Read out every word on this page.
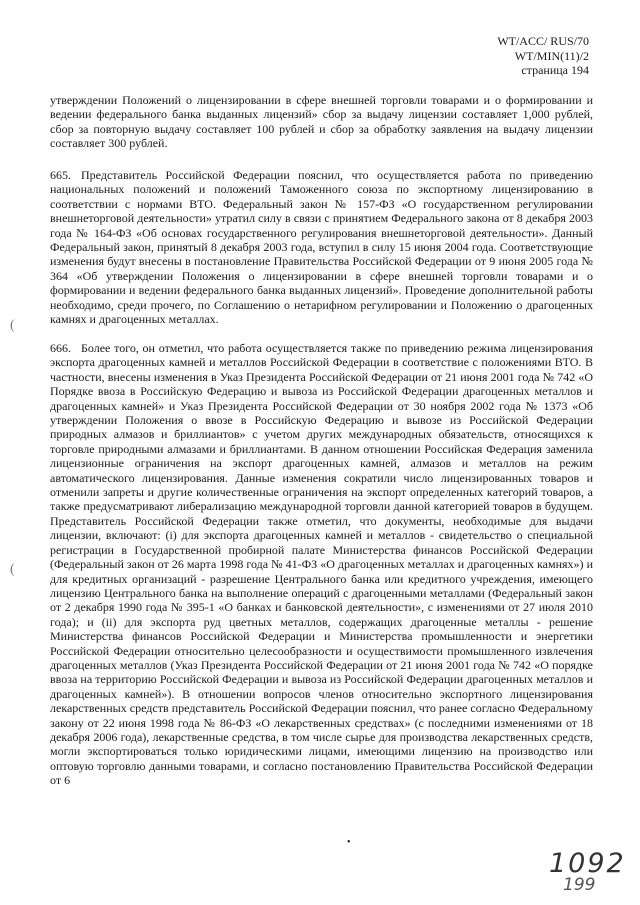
WT/ACC/ RUS/70
WT/MIN(11)/2
страница 194

утверждении Положений о лицензировании в сфере внешней торговли товарами и о формировании и ведении федерального банка выданных лицензий» сбор за выдачу лицензии составляет 1,000 рублей, сбор за повторную выдачу составляет 100 рублей и сбор за обработку заявления на выдачу лицензии составляет 300 рублей.

665. Представитель Российской Федерации пояснил, что осуществляется работа по приведению национальных положений и положений Таможенного союза по экспортному лицензированию в соответствии с нормами ВТО. Федеральный закон № 157-ФЗ «О государственном регулировании внешнеторговой деятельности» утратил силу в связи с принятием Федерального закона от 8 декабря 2003 года № 164-ФЗ «Об основах государственного регулирования внешнеторговой деятельности». Данный Федеральный закон, принятый 8 декабря 2003 года, вступил в силу 15 июня 2004 года. Соответствующие изменения будут внесены в постановление Правительства Российской Федерации от 9 июня 2005 года № 364 «Об утверждении Положения о лицензировании в сфере внешней торговли товарами и о формировании и ведении федерального банка выданных лицензий». Проведение дополнительной работы необходимо, среди прочего, по Соглашению о нетарифном регулировании и Положению о драгоценных камнях и драгоценных металлах.

666. Более того, он отметил, что работа осуществляется также по приведению режима лицензирования экспорта драгоценных камней и металлов Российской Федерации в соответствие с положениями ВТО. В частности, внесены изменения в Указ Президента Российской Федерации от 21 июня 2001 года № 742 «О Порядке ввоза в Российскую Федерацию и вывоза из Российской Федерации драгоценных металлов и драгоценных камней» и Указ Президента Российской Федерации от 30 ноября 2002 года № 1373 «Об утверждении Положения о ввозе в Российскую Федерацию и вывозе из Российской Федерации природных алмазов и бриллиантов» с учетом других международных обязательств, относящихся к торговле природными алмазами и бриллиантами. В данном отношении Российская Федерация заменила лицензионные ограничения на экспорт драгоценных камней, алмазов и металлов на режим автоматического лицензирования. Данные изменения сократили число лицензированных товаров и отменили запреты и другие количественные ограничения на экспорт определенных категорий товаров, а также предусматривают либерализацию международной торговли данной категорией товаров в будущем. Представитель Российской Федерации также отметил, что документы, необходимые для выдачи лицензии, включают: (i) для экспорта драгоценных камней и металлов - свидетельство о специальной регистрации в Государственной пробирной палате Министерства финансов Российской Федерации (Федеральный закон от 26 марта 1998 года № 41-ФЗ «О драгоценных металлах и драгоценных камнях») и для кредитных организаций - разрешение Центрального банка или кредитного учреждения, имеющего лицензию Центрального банка на выполнение операций с драгоценными металлами (Федеральный закон от 2 декабря 1990 года № 395-1 «О банках и банковской деятельности», с изменениями от 27 июля 2010 года); и (ii) для экспорта руд цветных металлов, содержащих драгоценные металлы - решение Министерства финансов Российской Федерации и Министерства промышленности и энергетики Российской Федерации относительно целесообразности и осуществимости промышленного извлечения драгоценных металлов (Указ Президента Российской Федерации от 21 июня 2001 года № 742 «О порядке ввоза на территорию Российской Федерации и вывоза из Российской Федерации драгоценных металлов и драгоценных камней»). В отношении вопросов членов относительно экспортного лицензирования лекарственных средств представитель Российской Федерации пояснил, что ранее согласно Федеральному закону от 22 июня 1998 года № 86-ФЗ «О лекарственных средствах» (с последними изменениями от 18 декабря 2006 года), лекарственные средства, в том числе сырье для производства лекарственных средств, могли экспортироваться только юридическими лицами, имеющими лицензию на производство или оптовую торговлю данными товарами, и согласно постановлению Правительства Российской Федерации от 6

(
(
•
1092
199
